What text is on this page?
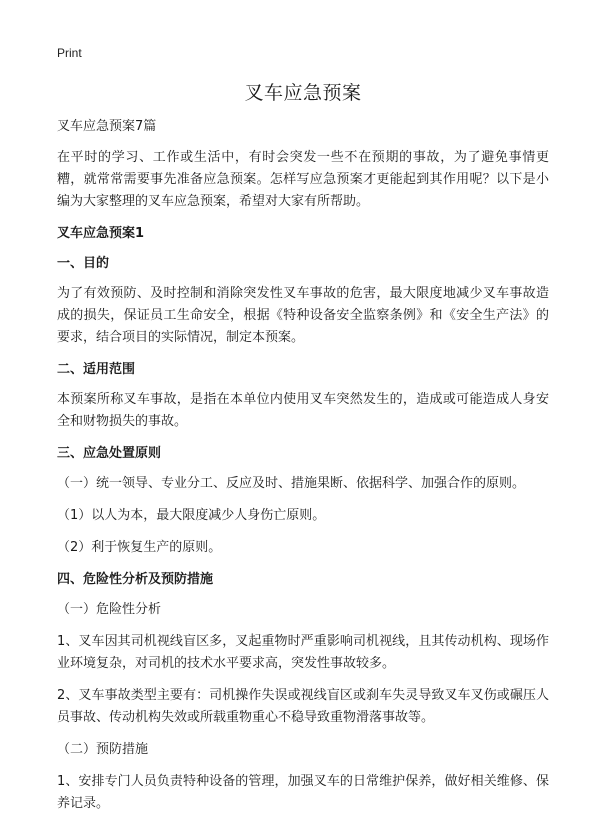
Print
叉车应急预案
叉车应急预案7篇

在平时的学习、工作或生活中，有时会突发一些不在预期的事故，为了避免事情更糟，就常常需要事先准备应急预案。怎样写应急预案才更能起到其作用呢？以下是小编为大家整理的叉车应急预案，希望对大家有所帮助。

叉车应急预案1
一、目的

为了有效预防、及时控制和消除突发性叉车事故的危害，最大限度地减少叉车事故造成的损失，保证员工生命安全，根据《特种设备安全监察条例》和《安全生产法》的要求，结合项目的实际情况，制定本预案。

二、适用范围

本预案所称叉车事故，是指在本单位内使用叉车突然发生的，造成或可能造成人身安全和财物损失的事故。

三、应急处置原则

（一）统一领导、专业分工、反应及时、措施果断、依据科学、加强合作的原则。

（1）以人为本，最大限度减少人身伤亡原则。

（2）利于恢复生产的原则。

四、危险性分析及预防措施

（一）危险性分析

1、叉车因其司机视线盲区多，叉起重物时严重影响司机视线，且其传动机构、现场作业环境复杂，对司机的技术水平要求高，突发性事故较多。

2、叉车事故类型主要有：司机操作失误或视线盲区或刹车失灵导致叉车叉伤或碾压人员事故、传动机构失效或所载重物重心不稳导致重物滑落事故等。

（二）预防措施

1、安排专门人员负责特种设备的管理，加强叉车的日常维护保养，做好相关维修、保养记录。
